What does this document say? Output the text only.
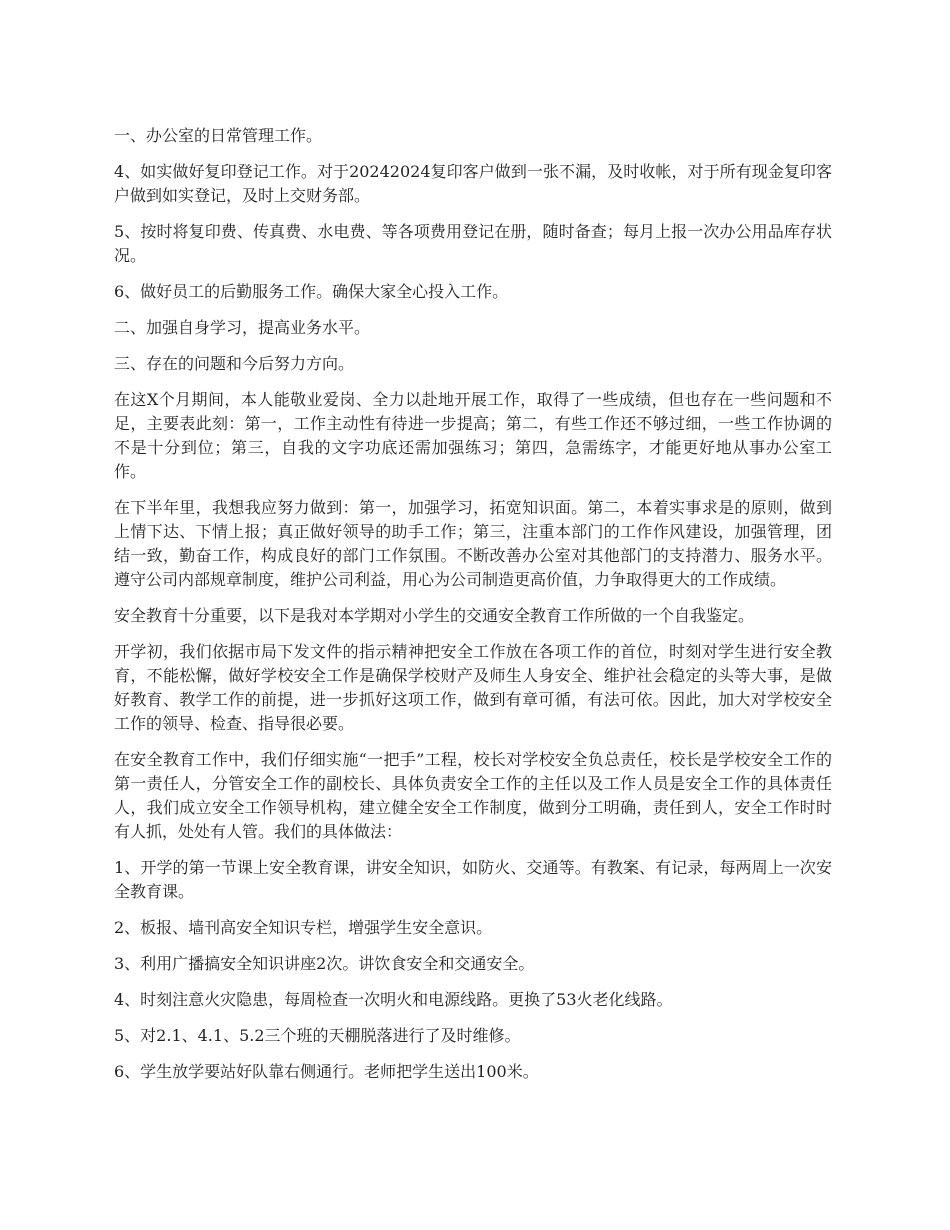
一、办公室的日常管理工作。

4、如实做好复印登记工作。对于20242024复印客户做到一张不漏，及时收帐，对于所有现金复印客户做到如实登记，及时上交财务部。

5、按时将复印费、传真费、水电费、等各项费用登记在册，随时备查；每月上报一次办公用品库存状况。

6、做好员工的后勤服务工作。确保大家全心投入工作。

二、加强自身学习，提高业务水平。

三、存在的问题和今后努力方向。

在这X个月期间，本人能敬业爱岗、全力以赴地开展工作，取得了一些成绩，但也存在一些问题和不足，主要表此刻：第一，工作主动性有待进一步提高；第二，有些工作还不够过细，一些工作协调的不是十分到位；第三，自我的文字功底还需加强练习；第四，急需练字，才能更好地从事办公室工作。

在下半年里，我想我应努力做到：第一，加强学习，拓宽知识面。第二，本着实事求是的原则，做到上情下达、下情上报；真正做好领导的助手工作；第三，注重本部门的工作作风建设，加强管理，团结一致，勤奋工作，构成良好的部门工作氛围。不断改善办公室对其他部门的支持潜力、服务水平。遵守公司内部规章制度，维护公司利益，用心为公司制造更高价值，力争取得更大的工作成绩。

安全教育十分重要，以下是我对本学期对小学生的交通安全教育工作所做的一个自我鉴定。

开学初，我们依据市局下发文件的指示精神把安全工作放在各项工作的首位，时刻对学生进行安全教育，不能松懈，做好学校安全工作是确保学校财产及师生人身安全、维护社会稳定的头等大事，是做好教育、教学工作的前提，进一步抓好这项工作，做到有章可循，有法可依。因此，加大对学校安全工作的领导、检查、指导很必要。

在安全教育工作中，我们仔细实施“一把手”工程，校长对学校安全负总责任，校长是学校安全工作的第一责任人，分管安全工作的副校长、具体负责安全工作的主任以及工作人员是安全工作的具体责任人，我们成立安全工作领导机构，建立健全安全工作制度，做到分工明确，责任到人，安全工作时时有人抓，处处有人管。我们的具体做法：

1、开学的第一节课上安全教育课，讲安全知识，如防火、交通等。有教案、有记录，每两周上一次安全教育课。

2、板报、墙刊高安全知识专栏，增强学生安全意识。

3、利用广播搞安全知识讲座2次。讲饮食安全和交通安全。

4、时刻注意火灾隐患，每周检查一次明火和电源线路。更换了53火老化线路。

5、对2.1、4.1、5.2三个班的天棚脱落进行了及时维修。

6、学生放学要站好队靠右侧通行。老师把学生送出100米。
